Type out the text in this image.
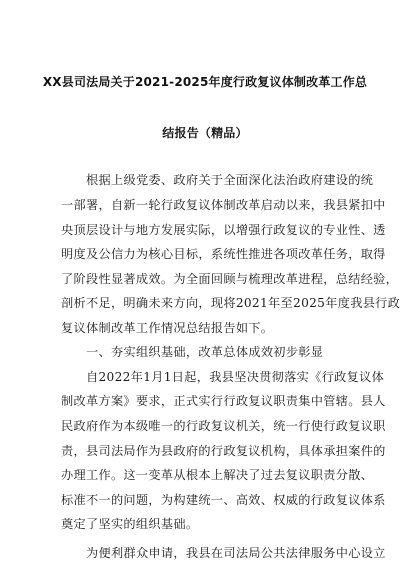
XX县司法局关于2021-2025年度行政复议体制改革工作总
结报告（精品）
根据上级党委、政府关于全面深化法治政府建设的统
一部署，自新一轮行政复议体制改革启动以来，我县紧扣中
央顶层设计与地方发展实际，以增强行政复议的专业性、透
明度及公信力为核心目标，系统性推进各项改革任务，取得
了阶段性显著成效。为全面回顾与梳理改革进程，总结经验，
剖析不足，明确未来方向，现将2021年至2025年度我县行政
复议体制改革工作情况总结报告如下。
一、夯实组织基础，改革总体成效初步彰显
自2022年1月1日起，我县坚决贯彻落实《行政复议体
制改革方案》要求，正式实行行政复议职责集中管辖。县人
民政府作为本级唯一的行政复议机关，统一行使行政复议职
责，县司法局作为县政府的行政复议机构，具体承担案件的
办理工作。这一变革从根本上解决了过去复议职责分散、
标准不一的问题，为构建统一、高效、权威的行政复议体系
奠定了坚实的组织基础。
为便利群众申请，我县在司法局公共法律服务中心设立
